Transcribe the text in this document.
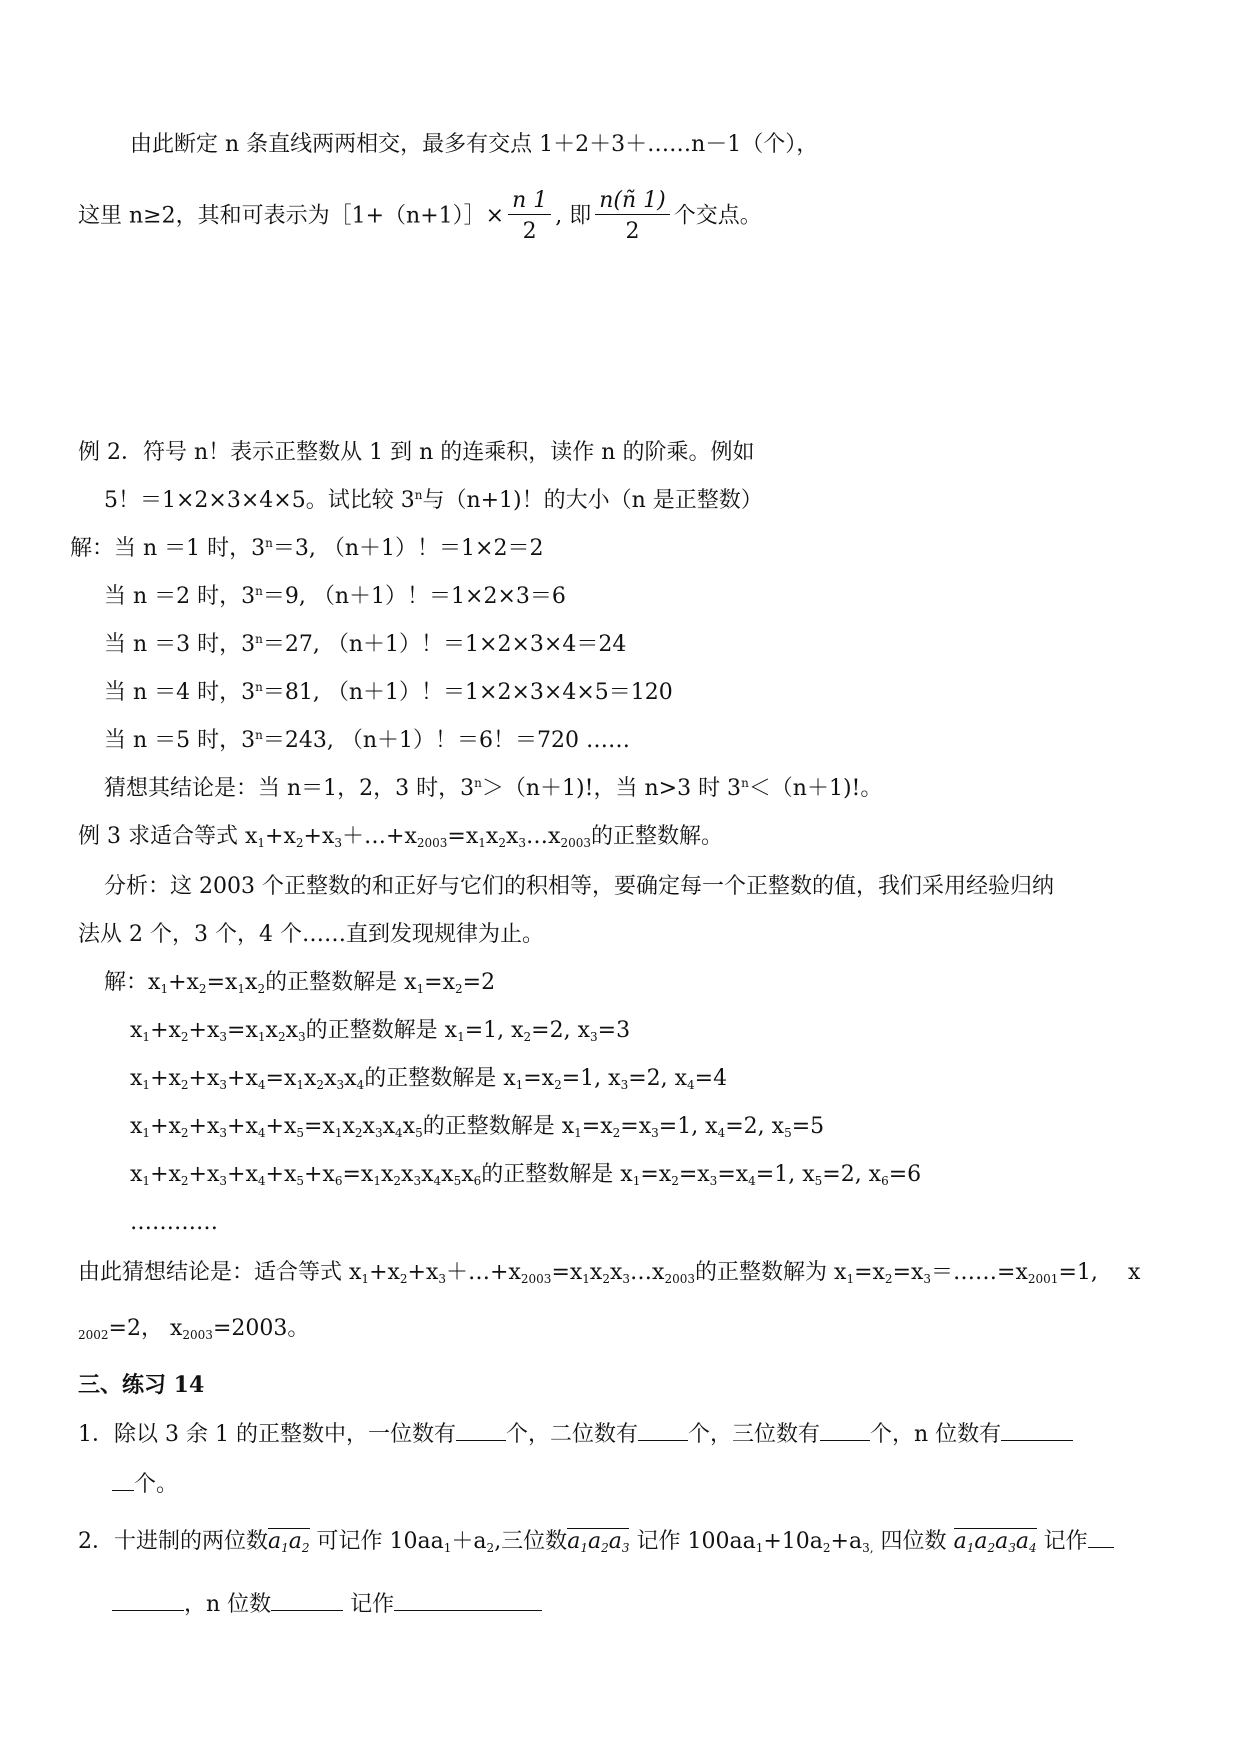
由此断定 n 条直线两两相交，最多有交点 1＋2＋3＋……n－1（个），
这里 n≥2，其和可表示为［1+（n+1）］× $\frac{n 1}{2}$ , 即 $\frac{n(ñ 1)}{2}$ 个交点。
例 2．符号 n！表示正整数从 1 到 n 的连乘积，读作 n 的阶乘。例如
5！＝1×2×3×4×5。试比较 3$^n$与（n+1)！的大小（n 是正整数）
解：当 n ＝1 时，$3^n=3$, （n＋1）！＝1×2＝2
当 n ＝2 时，$3^n=9$, （n＋1）！＝1×2×3＝6
当 n ＝3 时，$3^n=27$, （n＋1）！＝1×2×3×4＝24
当 n ＝4 时，$3^n=81$, （n＋1）！＝1×2×3×4×5＝120
当 n ＝5 时，$3^n=243$, （n＋1）！＝6！＝720 ……
猜想其结论是：当 n＝1，2，3 时，$3^n>(n+1)$!，当 n>3 时 $3^n<(n+1)$!。
例 3 求适合等式 $x_1+x_2+x_3+\dots+x_{2003}=x_1x_2x_3\dots x_{2003}$的正整数解。
分析：这 2003 个正整数的和正好与它们的积相等，要确定每一个正整数的值，我们采用经验归纳
法从 2 个，3 个，4 个……直到发现规律为止。
解：$x_1+x_2=x_1x_2$的正整数解是 $x_1=x_2=2$
$x_1+x_2+x_3=x_1x_2x_3$的正整数解是 $x_1=1$, $x_2=2$, $x_3=3$
$x_1+x_2+x_3+x_4=x_1x_2x_3x_4$的正整数解是 $x_1=x_2=1$, $x_3=2$, $x_4=4$
$x_1+x_2+x_3+x_4+x_5=x_1x_2x_3x_4x_5$的正整数解是 $x_1=x_2=x_3=1$, $x_4=2$, $x_5=5$
$x_1+x_2+x_3+x_4+x_5+x_6=x_1x_2x_3x_4x_5x_6$的正整数解是 $x_1=x_2=x_3=x_4=1$, $x_5=2$, $x_6=6$
…………
由此猜想结论是：适合等式 $x_1+x_2+x_3+\dots+x_{2003}=x_1x_2x_3\dots x_{2003}$的正整数解为 $x_1=x_2=x_3=\dots\dots=x_{2001}=1$, x
$_{2002}$=2， $x_{2003}=2003$。
三、练习 14
1．除以 3 余 1 的正整数中，一位数有 个，二位数有 个，三位数有 个，n 位数有
个。
2．十进制的两位数$a_1a_2$ 可记作 $10aa_1+a_2$,三位数$a_1a_2a_3$ 记作 $100aa_1+10a_2+a_{3,}$ 四位数 $a_1a_2a_3a_4$ 记作
，n 位数	记作
